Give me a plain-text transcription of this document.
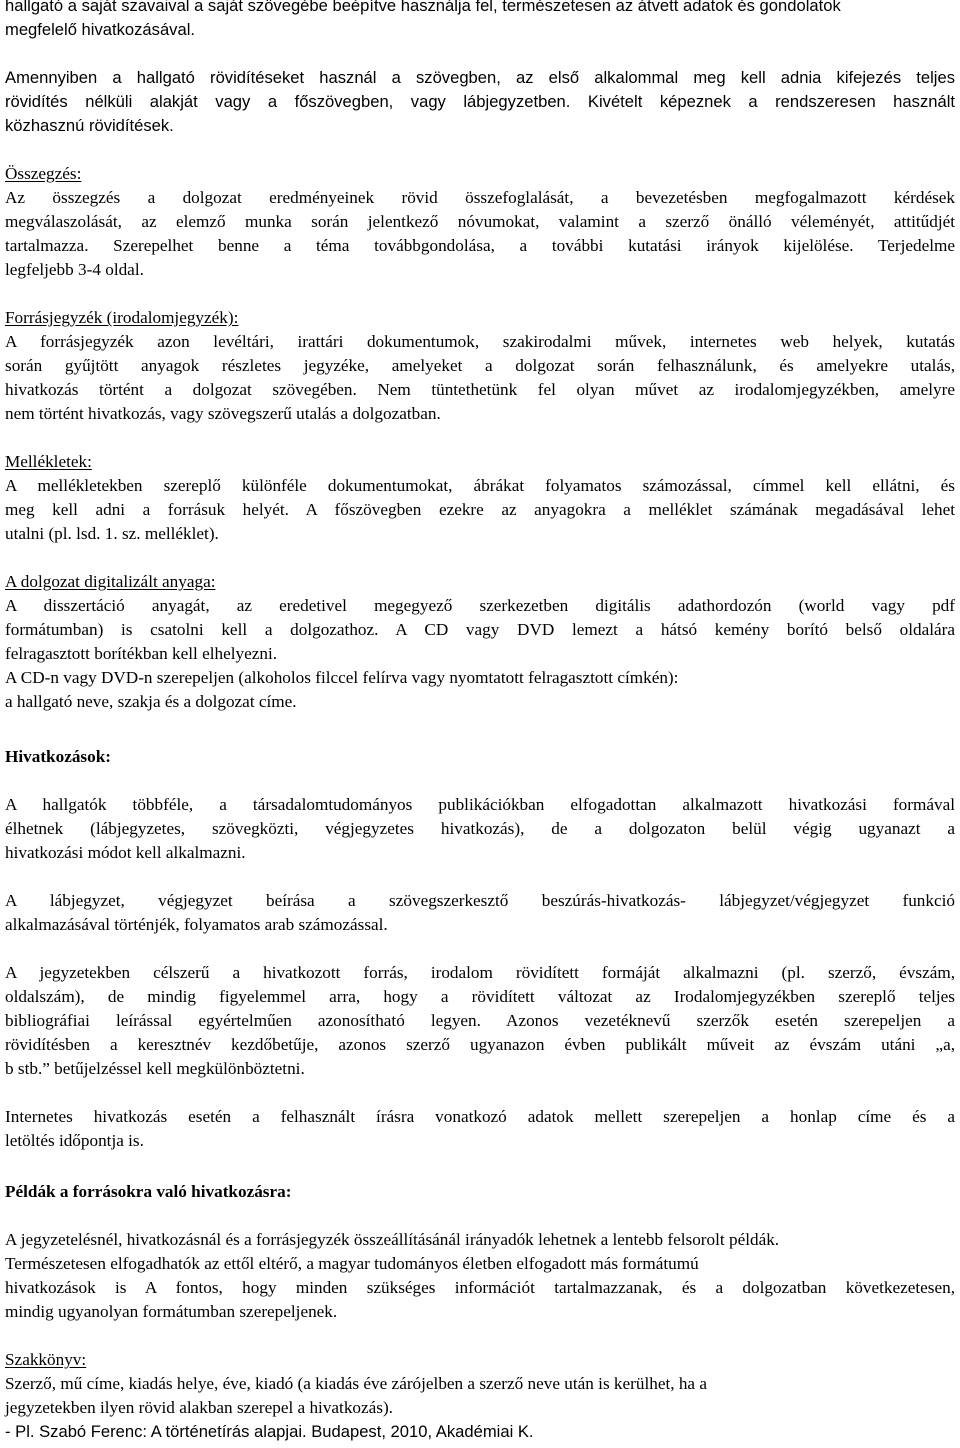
hallgató a saját szavaival a saját szövegébe beépítve használja fel, természetesen az átvett adatok és gondolatok
megfelelő hivatkozásával.
Amennyiben a hallgató rövidítéseket használ a szövegben, az első alkalommal meg kell adnia kifejezés teljes
rövidítés nélküli alakját vagy a főszövegben, vagy lábjegyzetben. Kivételt képeznek a rendszeresen használt
közhasznú rövidítések.
Összegzés:
Az összegzés a dolgozat eredményeinek rövid összefoglalását, a bevezetésben megfogalmazott kérdések
megválaszolását, az elemző munka során jelentkező nóvumokat, valamint a szerző önálló véleményét, attitűdjét
tartalmazza. Szerepelhet benne a téma továbbgondolása, a további kutatási irányok kijelölése. Terjedelme
legfeljebb 3-4 oldal.
Forrásjegyzék (irodalomjegyzék):
A forrásjegyzék azon levéltári, irattári dokumentumok, szakirodalmi művek, internetes web helyek, kutatás
során gyűjtött anyagok részletes jegyzéke, amelyeket a dolgozat során felhasználunk, és amelyekre utalás,
hivatkozás történt a dolgozat szövegében. Nem tüntethetünk fel olyan művet az irodalomjegyzékben, amelyre
nem történt hivatkozás, vagy szövegszerű utalás a dolgozatban.
Mellékletek:
A mellékletekben szereplő különféle dokumentumokat, ábrákat folyamatos számozással, címmel kell ellátni, és
meg kell adni a forrásuk helyét. A főszövegben ezekre az anyagokra a melléklet számának megadásával lehet
utalni (pl. lsd. 1. sz. melléklet).
A dolgozat digitalizált anyaga:
A disszertáció anyagát, az eredetivel megegyező szerkezetben digitális adathordozón (world vagy pdf
formátumban) is csatolni kell a dolgozathoz. A CD vagy DVD lemezt a hátsó kemény borító belső oldalára
felragasztott borítékban kell elhelyezni.
A CD-n vagy DVD-n szerepeljen (alkoholos filccel felírva vagy nyomtatott felragasztott címkén):
a hallgató neve, szakja és a dolgozat címe.
Hivatkozások:
A hallgatók többféle, a társadalomtudományos publikációkban elfogadottan alkalmazott hivatkozási formával
élhetnek (lábjegyzetes, szövegközti, végjegyzetes hivatkozás), de a dolgozaton belül végig ugyanazt a
hivatkozási módot kell alkalmazni.
A lábjegyzet, végjegyzet beírása a szövegszerkesztő beszúrás-hivatkozás- lábjegyzet/végjegyzet funkció
alkalmazásával történjék, folyamatos arab számozással.
A jegyzetekben célszerű a hivatkozott forrás, irodalom rövidített formáját alkalmazni (pl. szerző, évszám,
oldalszám), de mindig figyelemmel arra, hogy a rövidített változat az Irodalomjegyzékben szereplő teljes
bibliográfiai leírással egyértelműen azonosítható legyen. Azonos vezetéknevű szerzők esetén szerepeljen a
rövidítésben a keresztnév kezdőbetűje, azonos szerző ugyanazon évben publikált műveit az évszám utáni „a,
b stb.” betűjelzéssel kell megkülönböztetni.
Internetes hivatkozás esetén a felhasznált írásra vonatkozó adatok mellett szerepeljen a honlap címe és a
letöltés időpontja is.
Példák a forrásokra való hivatkozásra:
A jegyzetelésnél, hivatkozásnál és a forrásjegyzék összeállításánál irányadók lehetnek a lentebb felsorolt példák.
Természetesen elfogadhatók az ettől eltérő, a magyar tudományos életben elfogadott más formátumú
hivatkozások is A fontos, hogy minden szükséges információt tartalmazzanak, és a dolgozatban következetesen,
mindig ugyanolyan formátumban szerepeljenek.
Szakkönyv:
Szerző, mű címe, kiadás helye, éve, kiadó (a kiadás éve zárójelben a szerző neve után is kerülhet, ha a
jegyzetekben ilyen rövid alakban szerepel a hivatkozás).
- Pl. Szabó Ferenc: A történetírás alapjai. Budapest, 2010, Akadémiai K.
